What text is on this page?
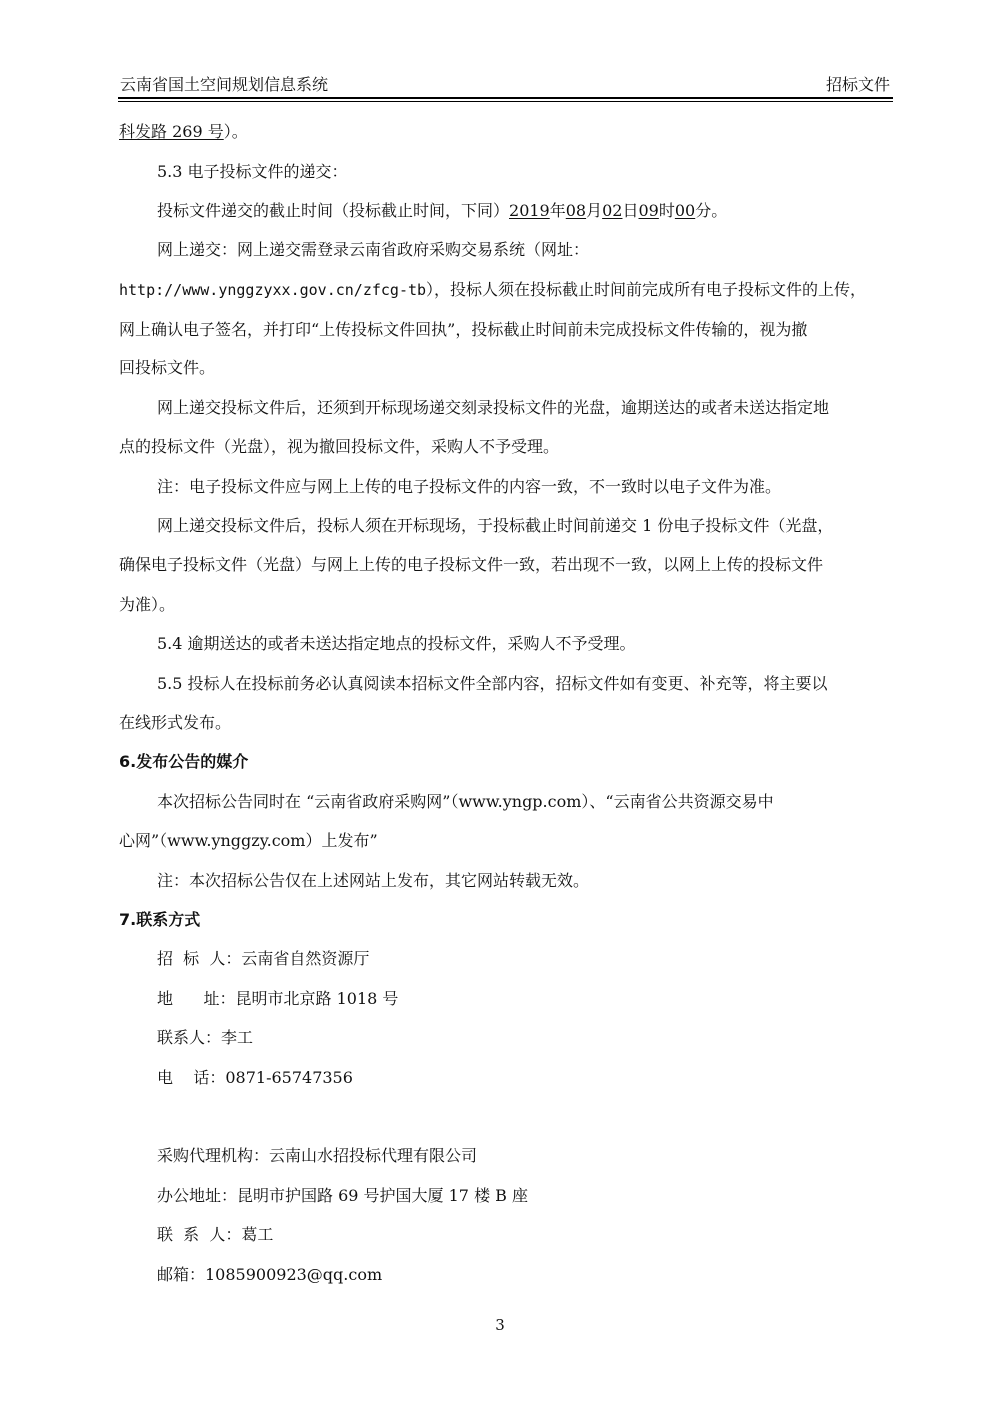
云南省国土空间规划信息系统	招标文件
科发路 269 号）。
5.3 电子投标文件的递交：
投标文件递交的截止时间（投标截止时间，下同）2019年08月02日09时00分。
网上递交：网上递交需登录云南省政府采购交易系统（网址：
http://www.ynggzyxx.gov.cn/zfcg-tb），投标人须在投标截止时间前完成所有电子投标文件的上传，
网上确认电子签名，并打印“上传投标文件回执”，投标截止时间前未完成投标文件传输的，视为撤
回投标文件。
网上递交投标文件后，还须到开标现场递交刻录投标文件的光盘，逾期送达的或者未送达指定地
点的投标文件（光盘），视为撤回投标文件，采购人不予受理。
注：电子投标文件应与网上上传的电子投标文件的内容一致，不一致时以电子文件为准。
网上递交投标文件后，投标人须在开标现场，于投标截止时间前递交 1 份电子投标文件（光盘，
确保电子投标文件（光盘）与网上上传的电子投标文件一致，若出现不一致，以网上上传的投标文件
为准）。
5.4 逾期送达的或者未送达指定地点的投标文件，采购人不予受理。
5.5 投标人在投标前务必认真阅读本招标文件全部内容，招标文件如有变更、补充等，将主要以
在线形式发布。
6.发布公告的媒介
本次招标公告同时在 “云南省政府采购网”（www.yngp.com）、“云南省公共资源交易中
心网”（www.ynggzy.com）上发布”
注：本次招标公告仅在上述网站上发布，其它网站转载无效。
7.联系方式
招  标  人：云南省自然资源厅
地      址：昆明市北京路 1018 号
联系人：李工
电    话：0871-65747356
采购代理机构：云南山水招投标代理有限公司
办公地址：昆明市护国路 69 号护国大厦 17 楼 B 座
联  系  人：葛工
邮箱：1085900923@qq.com
3
